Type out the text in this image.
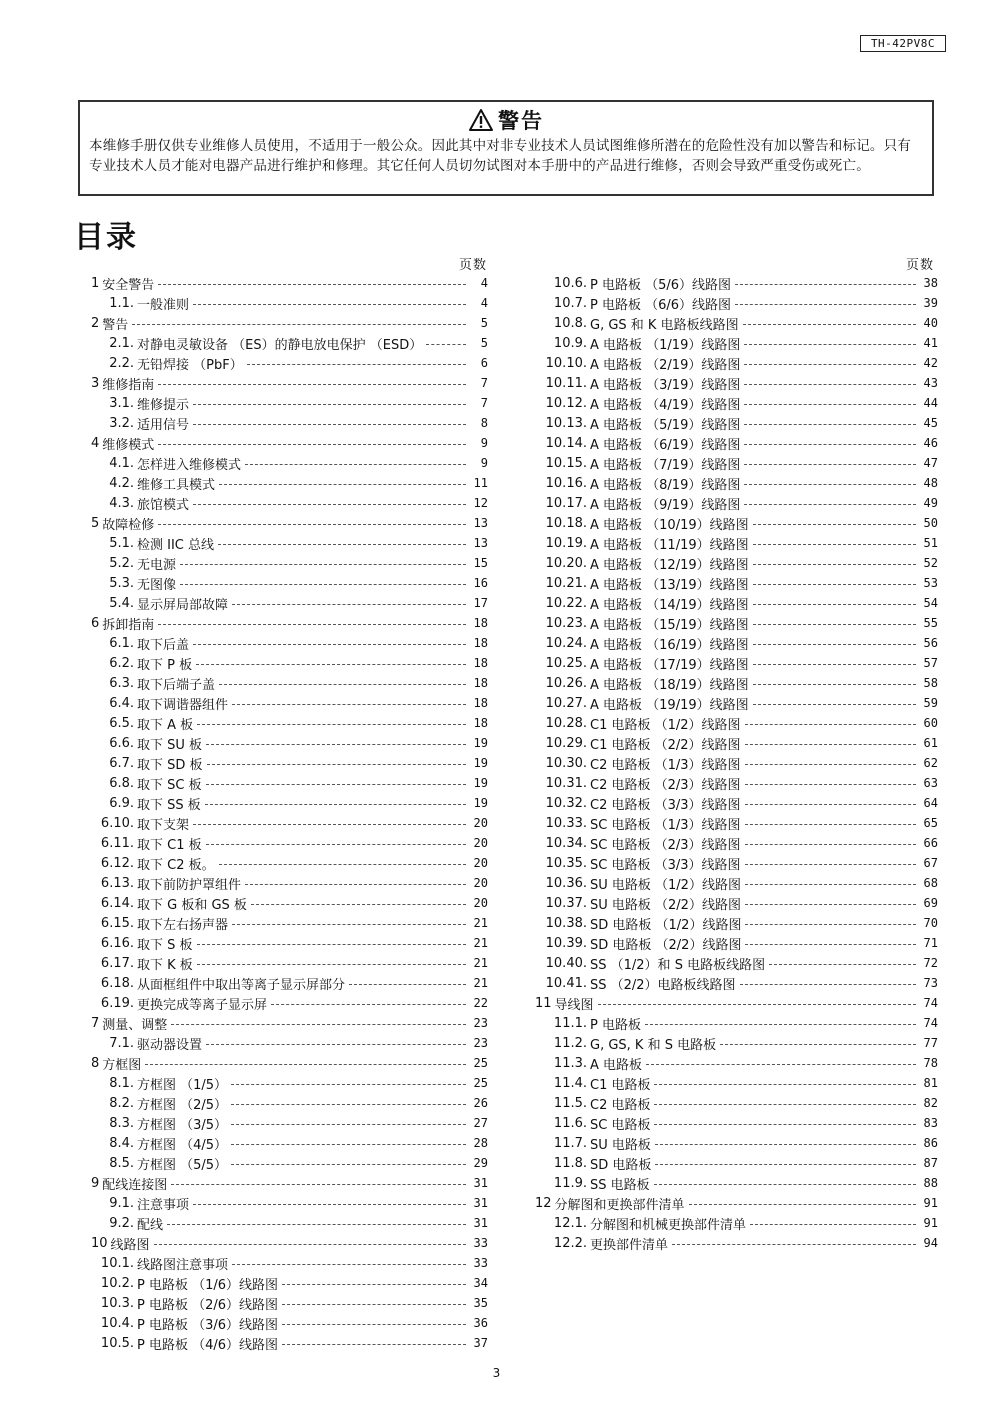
TH-42PV8C
警告
本维修手册仅供专业维修人员使用，不适用于一般公众。因此其中对非专业技术人员试图维修所潜在的危险性没有加以警告和标记。只有专业技术人员才能对电器产品进行维护和修理。其它任何人员切勿试图对本手册中的产品进行维修，否则会导致严重受伤或死亡。
目录
页数	页数
1 安全警告	4
1.1. 一般准则	4
2 警告	5
2.1. 对静电灵敏设备 （ES）的静电放电保护 （ESD）	5
2.2. 无铅焊接 （PbF）	6
3 维修指南	7
3.1. 维修提示	7
3.2. 适用信号	8
4 维修模式	9
4.1. 怎样进入维修模式	9
4.2. 维修工具模式	11
4.3. 旅馆模式	12
5 故障检修	13
5.1. 检测 IIC 总线	13
5.2. 无电源	15
5.3. 无图像	16
5.4. 显示屏局部故障	17
6 拆卸指南	18
6.1. 取下后盖	18
6.2. 取下 P 板	18
6.3. 取下后端子盖	18
6.4. 取下调谐器组件	18
6.5. 取下 A 板	18
6.6. 取下 SU 板	19
6.7. 取下 SD 板	19
6.8. 取下 SC 板	19
6.9. 取下 SS 板	19
6.10. 取下支架	20
6.11. 取下 C1 板	20
6.12. 取下 C2 板。	20
6.13. 取下前防护罩组件	20
6.14. 取下 G 板和 GS 板	20
6.15. 取下左右扬声器	21
6.16. 取下 S 板	21
6.17. 取下 K 板	21
6.18. 从面框组件中取出等离子显示屏部分	21
6.19. 更换完成等离子显示屏	22
7 测量、调整	23
7.1. 驱动器设置	23
8 方框图	25
8.1. 方框图 （1/5）	25
8.2. 方框图 （2/5）	26
8.3. 方框图 （3/5）	27
8.4. 方框图 （4/5）	28
8.5. 方框图 （5/5）	29
9 配线连接图	31
9.1. 注意事项	31
9.2. 配线	31
10 线路图	33
10.1. 线路图注意事项	33
10.2. P 电路板 （1/6）线路图	34
10.3. P 电路板 （2/6）线路图	35
10.4. P 电路板 （3/6）线路图	36
10.5. P 电路板 （4/6）线路图	37
10.6. P 电路板 （5/6）线路图	38
10.7. P 电路板 （6/6）线路图	39
10.8. G, GS 和 K 电路板线路图	40
10.9. A 电路板 （1/19）线路图	41
10.10. A 电路板 （2/19）线路图	42
10.11. A 电路板 （3/19）线路图	43
10.12. A 电路板 （4/19）线路图	44
10.13. A 电路板 （5/19）线路图	45
10.14. A 电路板 （6/19）线路图	46
10.15. A 电路板 （7/19）线路图	47
10.16. A 电路板 （8/19）线路图	48
10.17. A 电路板 （9/19）线路图	49
10.18. A 电路板 （10/19）线路图	50
10.19. A 电路板 （11/19）线路图	51
10.20. A 电路板 （12/19）线路图	52
10.21. A 电路板 （13/19）线路图	53
10.22. A 电路板 （14/19）线路图	54
10.23. A 电路板 （15/19）线路图	55
10.24. A 电路板 （16/19）线路图	56
10.25. A 电路板 （17/19）线路图	57
10.26. A 电路板 （18/19）线路图	58
10.27. A 电路板 （19/19）线路图	59
10.28. C1 电路板 （1/2）线路图	60
10.29. C1 电路板 （2/2）线路图	61
10.30. C2 电路板 （1/3）线路图	62
10.31. C2 电路板 （2/3）线路图	63
10.32. C2 电路板 （3/3）线路图	64
10.33. SC 电路板 （1/3）线路图	65
10.34. SC 电路板 （2/3）线路图	66
10.35. SC 电路板 （3/3）线路图	67
10.36. SU 电路板 （1/2）线路图	68
10.37. SU 电路板 （2/2）线路图	69
10.38. SD 电路板 （1/2）线路图	70
10.39. SD 电路板 （2/2）线路图	71
10.40. SS （1/2）和 S 电路板线路图	72
10.41. SS （2/2）电路板线路图	73
11 导线图	74
11.1. P 电路板	74
11.2. G, GS, K 和 S 电路板	77
11.3. A 电路板	78
11.4. C1 电路板	81
11.5. C2 电路板	82
11.6. SC 电路板	83
11.7. SU 电路板	86
11.8. SD 电路板	87
11.9. SS 电路板	88
12 分解图和更换部件清单	91
12.1. 分解图和机械更换部件清单	91
12.2. 更换部件清单	94
3
